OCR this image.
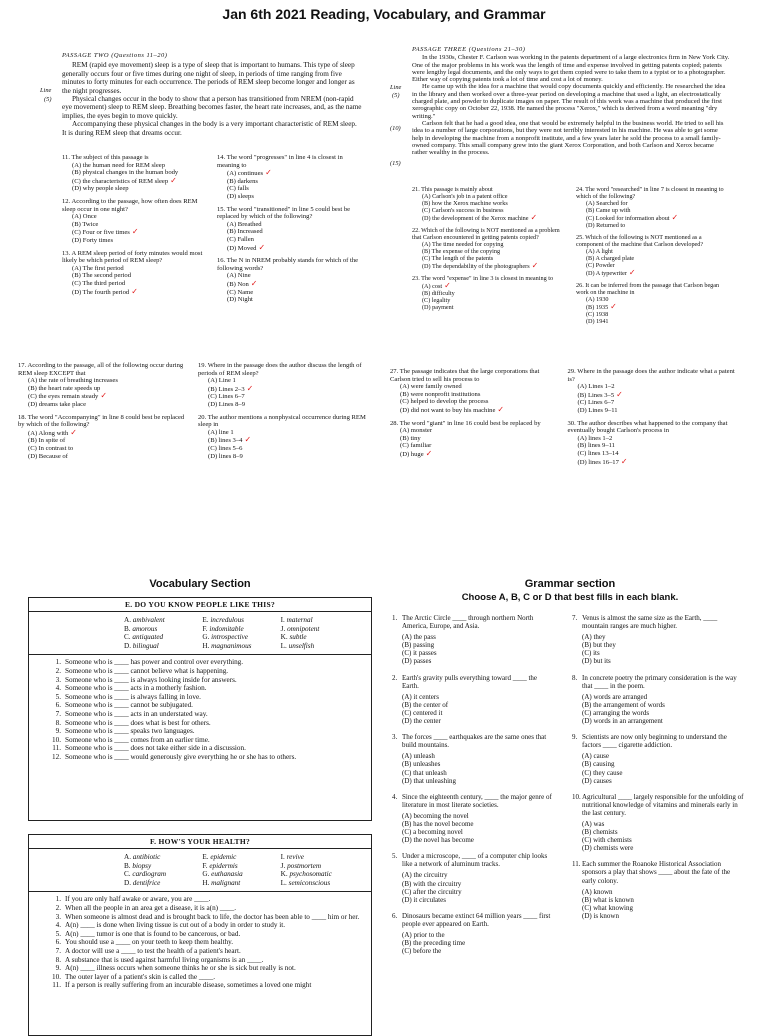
Jan 6th 2021 Reading, Vocabulary, and Grammar
PASSAGE TWO (Questions 11–20)

REM (rapid eye movement) sleep is a type of sleep that is important to humans. This type of sleep generally occurs four or five times during one night of sleep, in periods of time ranging from five minutes to forty minutes for each occurrence. The periods of REM sleep become longer and longer as the night progresses.

Physical changes occur in the body to show that a person has transitioned from NREM (non-rapid eye movement) sleep to REM sleep. Breathing becomes faster, the heart rate increases, and, as the name implies, the eyes begin to move quickly.

Accompanying these physical changes in the body is a very important characteristic of REM sleep. It is during REM sleep that dreams occur.

Line
(5)
PASSAGE THREE (Questions 21–30)

In the 1930s, Chester F. Carlson was working in the patents department of a large electronics firm in New York City. One of the major problems in his work was the length of time and expense involved in getting patents copied; patents were lengthy legal documents, and the only ways to get them copied were to take them to a typist or to a photographer. Either way of copying patents took a lot of time and cost a lot of money.

He came up with the idea for a machine that would copy documents quickly and efficiently. He researched the idea in the library and then worked over a three-year period on developing a machine that used a light, an electrostatically charged plate, and powder to duplicate images on paper. The result of this work was a machine that produced the first xerographic copy on October 22, 1938. He named the process "Xerox," which is derived from a word meaning "dry writing."

Carlson felt that he had a good idea, one that would be extremely helpful in the business world. He tried to sell his idea to a number of large corporations, but they were not terribly interested in his machine. He was able to get some help in developing the machine from a nonprofit institute, and a few years later he sold the process to a small family-owned company. This small company grew into the giant Xerox Corporation, and both Carlson and Xerox became rather wealthy in the process.

Line
(5)
(10)
(15)
11. The subject of this passage is
(A) the human need for REM sleep
(B) physical changes in the human body
(C) the characteristics of REM sleep ✓
(D) why people sleep
12. According to the passage, how often does REM sleep occur in one night?
(A) Once
(B) Twice
(C) Four or five times ✓
(D) Forty times
13. A REM sleep period of forty minutes would most likely be which period of REM sleep?
(A) The first period
(B) The second period
(C) The third period
(D) The fourth period ✓
14. The word "progresses" in line 4 is closest in meaning to
(A) continues ✓
(B) darkens
(C) falls
(D) sleeps
15. The word "transitioned" in line 5 could best be replaced by which of the following?
(A) Breathed
(B) Increased
(C) Fallen
(D) Moved ✓
16. The N in NREM probably stands for which of the following words?
(A) Nine
(B) Non ✓
(C) Name
(D) Night
17. According to the passage, all of the following occur during REM sleep EXCEPT that
(A) the rate of breathing increases
(B) the heart rate speeds up
(C) the eyes remain steady ✓
(D) dreams take place
18. The word "Accompanying" in line 8 could best be replaced by which of the following?
(A) Along with ✓
(B) In spite of
(C) In contrast to
(D) Because of
19. Where in the passage does the author discuss the length of periods of REM sleep?
(A) Line 1
(B) Lines 2–3 ✓
(C) Lines 6–7
(D) Lines 8–9
20. The author mentions a nonphysical occurrence during REM sleep in
(A) line 1
(B) lines 3–4 ✓
(C) lines 5–6
(D) lines 8–9
21. This passage is mainly about
(A) Carlson's job in a patent office
(B) how the Xerox machine works
(C) Carlson's success in business
(D) the development of the Xerox machine ✓
22. Which of the following is NOT mentioned as a problem that Carlson encountered in getting patents copied?
(A) The time needed for copying
(B) The expense of the copying
(C) The length of the patents
(D) The dependability of the photographers ✓
23. The word "expense" in line 3 is closest in meaning to
(A) cost ✓
(B) difficulty
(C) legality
(D) payment
24. The word "researched" in line 7 is closest in meaning to which of the following?
(A) Searched for
(B) Came up with
(C) Looked for information about ✓
(D) Returned to
25. Which of the following is NOT mentioned as a component of the machine that Carlson developed?
(A) A light
(B) A charged plate
(C) Powder
(D) A typewriter ✓
26. It can be inferred from the passage that Carlson began work on the machine in
(A) 1930
(B) 1935 ✓
(C) 1938
(D) 1941
27. The passage indicates that the large corporations that Carlson tried to sell his process to
(A) were family owned
(B) were nonprofit institutions
(C) helped to develop the process
(D) did not want to buy his machine ✓
28. The word "giant" in line 16 could best be replaced by
(A) monster
(B) tiny
(C) familiar
(D) huge ✓
29. Where in the passage does the author indicate what a patent is?
(A) Lines 1–2
(B) Lines 3–5 ✓
(C) Lines 6–7
(D) Lines 9–11
30. The author describes what happened to the company that eventually bought Carlson's process in
(A) lines 1–2
(B) lines 9–11
(C) lines 13–14
(D) lines 16–17 ✓
Vocabulary Section
E. DO YOU KNOW PEOPLE LIKE THIS?
A. ambivalent	E. incredulous	I. maternal
B. amorous	F. indomitable	J. omnipotent
C. antiquated	G. introspective	K. subtle
D. bilingual	H. magnanimous	L. unselfish
1. Someone who is ____ has power and control over everything.
2. Someone who is ____ cannot believe what is happening.
3. Someone who is ____ is always looking inside for answers.
4. Someone who is ____ acts in a motherly fashion.
5. Someone who is ____ is always falling in love.
6. Someone who is ____ cannot be subjugated.
7. Someone who is ____ acts in an understated way.
8. Someone who is ____ does what is best for others.
9. Someone who is ____ speaks two languages.
10. Someone who is ____ comes from an earlier time.
11. Someone who is ____ does not take either side in a discussion.
12. Someone who is ____ would generously give everything he or she has to others.
F. HOW'S YOUR HEALTH?
A. antibiotic	E. epidemic	I. revive
B. biopsy	F. epidermis	J. postmortem
C. cardiogram	G. euthanasia	K. psychosomatic
D. dentifrice	H. malignant	L. semiconscious
1. If you are only half awake or aware, you are ____.
2. When all the people in an area get a disease, it is a(n) ____.
3. When someone is almost dead and is brought back to life, the doctor has been able to ____ him or her.
4. A(n) ____ is done when living tissue is cut out of a body in order to study it.
5. A(n) ____ tumor is one that is found to be cancerous, or bad.
6. You should use a ____ on your teeth to keep them healthy.
7. A doctor will use a ____ to test the health of a patient's heart.
8. A substance that is used against harmful living organisms is an ____.
9. A(n) ____ illness occurs when someone thinks he or she is sick but really is not.
10. The outer layer of a patient's skin is called the ____.
11. If a person is really suffering from an incurable disease, sometimes a loved one might
Grammar section
Choose A, B, C or D that best fills in each blank.
1. The Arctic Circle ____ through northern North America, Europe, and Asia.
(A) the pass
(B) passing
(C) it passes
(D) passes
2. Earth's gravity pulls everything toward ____ the Earth.
(A) it centers
(B) the center of
(C) centered it
(D) the center
3. The forces ____ earthquakes are the same ones that build mountains.
(A) unleash
(B) unleashes
(C) that unleash
(D) that unleashing
4. Since the eighteenth century, ____ the major genre of literature in most literate societies.
(A) becoming the novel
(B) has the novel become
(C) a becoming novel
(D) the novel has become
5. Under a microscope, ____ of a computer chip looks like a network of aluminum tracks.
(A) the circuitry
(B) with the circuitry
(C) after the circuitry
(D) it circulates
6. Dinosaurs became extinct 64 million years ____ first people ever appeared on Earth.
(A) prior to the
(B) the preceding time
(C) before the
7. Venus is almost the same size as the Earth, ____ mountain ranges are much higher.
(A) they
(B) but they
(C) its
(D) but its
8. In concrete poetry the primary consideration is the way that ____ in the poem.
(A) words are arranged
(B) the arrangement of words
(C) arranging the words
(D) words in an arrangement
9. Scientists are now only beginning to understand the factors ____ cigarette addiction.
(A) cause
(B) causing
(C) they cause
(D) causes
10. Agricultural ____ largely responsible for the unfolding of nutritional knowledge of vitamins and minerals early in the last century.
(A) was
(B) chemists
(C) with chemists
(D) chemists were
11. Each summer the Roanoke Historical Association sponsors a play that shows ____ about the fate of the early colony.
(A) known
(B) what is known
(C) what knowing
(D) is known
